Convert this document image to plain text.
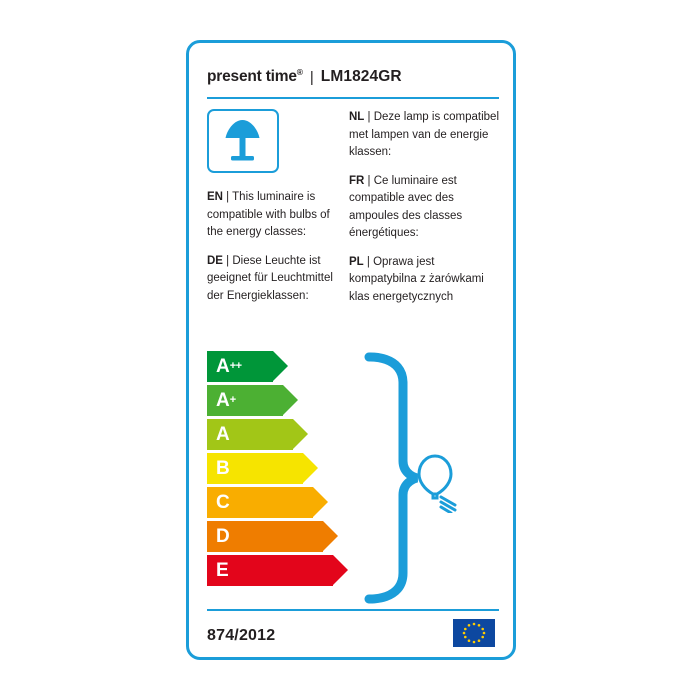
present time® | LM1824GR
EN | This luminaire is compatible with bulbs of the energy classes:
DE | Diese Leuchte ist geeignet für Leuchtmittel der Energieklassen:
NL | Deze lamp is compatibel met lampen van de energie klassen:
FR | Ce luminaire est compatible avec des ampoules des classes énergétiques:
PL | Oprawa jest kompatybilna z żarówkami klas energetycznych
A ++
A +
A
B
C
D
E
874/2012
